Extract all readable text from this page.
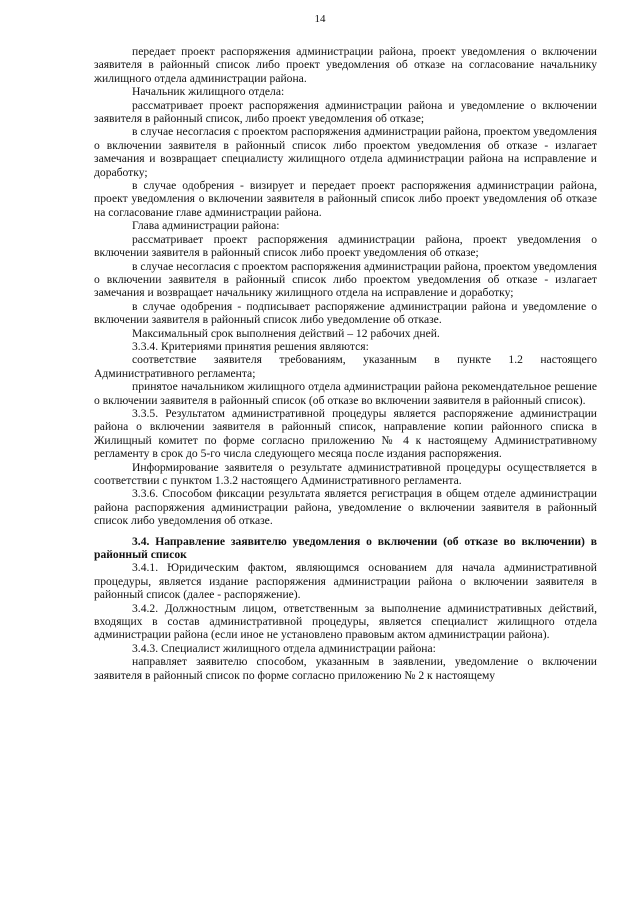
14

передает проект распоряжения администрации района, проект уведомления о включении заявителя в районный список либо проект уведомления об отказе на согласование начальнику жилищного отдела администрации района.

Начальник жилищного отдела:

рассматривает проект распоряжения администрации района и уведомление о включении заявителя в районный список, либо проект уведомления об отказе;

в случае несогласия с проектом распоряжения администрации района, проектом уведомления о включении заявителя в районный список либо проектом уведомления об отказе - излагает замечания и возвращает специалисту жилищного отдела администрации района на исправление и доработку;

в случае одобрения - визирует и передает проект распоряжения администрации района, проект уведомления о включении заявителя в районный список либо проект уведомления об отказе на согласование главе администрации района.

Глава администрации района:

рассматривает проект распоряжения администрации района, проект уведомления о включении заявителя в районный список либо проект уведомления об отказе;

в случае несогласия с проектом распоряжения администрации района, проектом уведомления о включении заявителя в районный список либо проектом уведомления об отказе - излагает замечания и возвращает начальнику жилищного отдела на исправление и доработку;

в случае одобрения - подписывает распоряжение администрации района и уведомление о включении заявителя в районный список либо уведомление об отказе.

Максимальный срок выполнения действий – 12 рабочих дней.

3.3.4. Критериями принятия решения являются:

соответствие заявителя требованиям, указанным в пункте 1.2 настоящего Административного регламента;

принятое начальником жилищного отдела администрации района рекомендательное решение о включении заявителя в районный список (об отказе во включении заявителя в районный список).

3.3.5. Результатом административной процедуры является распоряжение администрации района о включении заявителя в районный список, направление копии районного списка в Жилищный комитет по форме согласно приложению № 4 к настоящему Административному регламенту в срок до 5-го числа следующего месяца после издания распоряжения.

Информирование заявителя о результате административной процедуры осуществляется в соответствии с пунктом 1.3.2 настоящего Административного регламента.

3.3.6. Способом фиксации результата является регистрация в общем отделе администрации района распоряжения администрации района, уведомление о включении заявителя в районный список либо уведомления об отказе.

3.4. Направление заявителю уведомления о включении (об отказе во включении) в районный список

3.4.1. Юридическим фактом, являющимся основанием для начала административной процедуры, является издание распоряжения администрации района о включении заявителя в районный список (далее - распоряжение).

3.4.2. Должностным лицом, ответственным за выполнение административных действий, входящих в состав административной процедуры, является специалист жилищного отдела администрации района (если иное не установлено правовым актом администрации района).

3.4.3. Специалист жилищного отдела администрации района:

направляет заявителю способом, указанным в заявлении, уведомление о включении заявителя в районный список по форме согласно приложению № 2 к настоящему
